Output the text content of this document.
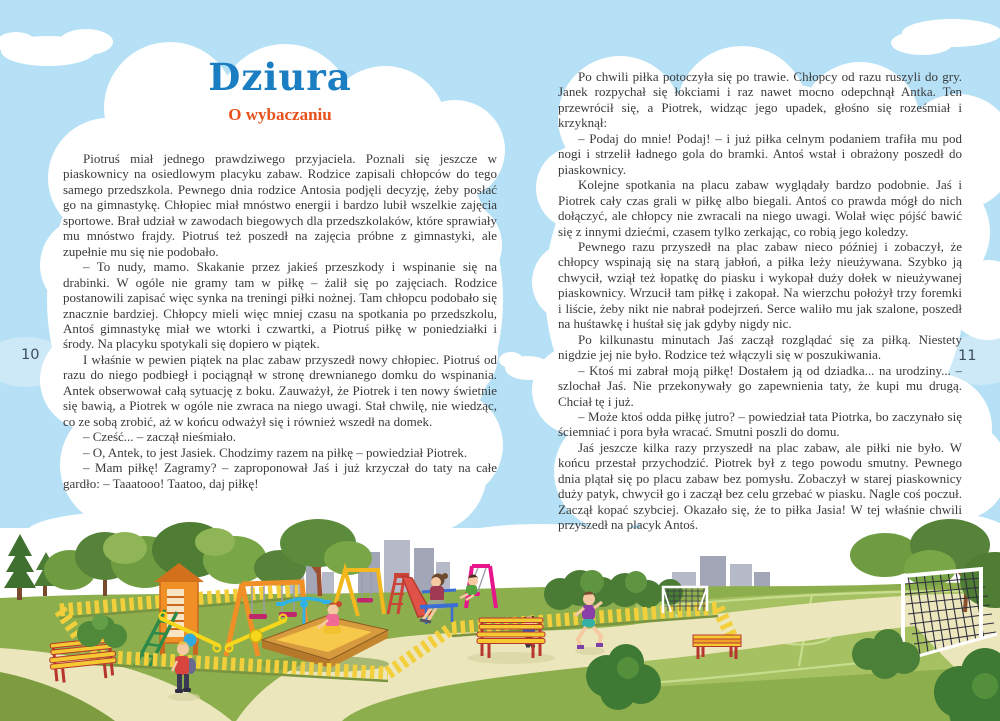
Dziura
O wybaczaniu

Piotruś miał jednego prawdziwego przyjaciela. Poznali się jeszcze w piaskownicy na osiedlowym placyku zabaw. Rodzice zapisali chłopców do tego samego przedszkola. Pewnego dnia rodzice Antosia podjęli decyzję, żeby posłać go na gimnastykę. Chłopiec miał mnóstwo energii i bardzo lubił wszelkie zajęcia sportowe. Brał udział w zawodach biegowych dla przedszkolaków, które sprawiały mu mnóstwo frajdy. Piotruś też poszedł na zajęcia próbne z gimnastyki, ale zupełnie mu się nie podobało.

– To nudy, mamo. Skakanie przez jakieś przeszkody i wspinanie się na drabinki. W ogóle nie gramy tam w piłkę – żalił się po zajęciach. Rodzice postanowili zapisać więc synka na treningi piłki nożnej. Tam chłopcu podobało się znacznie bardziej. Chłopcy mieli więc mniej czasu na spotkania po przedszkolu, Antoś gimnastykę miał we wtorki i czwartki, a Piotruś piłkę w poniedziałki i środy. Na placyku spotykali się dopiero w piątek.

I właśnie w pewien piątek na plac zabaw przyszedł nowy chłopiec. Piotruś od razu do niego podbiegł i pociągnął w stronę drewnianego domku do wspinania. Antek obserwował całą sytuację z boku. Zauważył, że Piotrek i ten nowy świetnie się bawią, a Piotrek w ogóle nie zwraca na niego uwagi. Stał chwilę, nie wiedząc, co ze sobą zrobić, aż w końcu odważył się i również wszedł na domek.

– Cześć... – zaczął nieśmiało.

– O, Antek, to jest Jasiek. Chodzimy razem na piłkę – powiedział Piotrek.

– Mam piłkę! Zagramy? – zaproponował Jaś i już krzyczał do taty na całe gardło: – Taaatooo! Taatoo, daj piłkę!

Po chwili piłka potoczyła się po trawie. Chłopcy od razu ruszyli do gry. Janek rozpychał się łokciami i raz nawet mocno odepchnął Antka. Ten przewrócił się, a Piotrek, widząc jego upadek, głośno się roześmiał i krzyknął:

– Podaj do mnie! Podaj! – i już piłka celnym podaniem trafiła mu pod nogi i strzelił ładnego gola do bramki. Antoś wstał i obrażony poszedł do piaskownicy.

Kolejne spotkania na placu zabaw wyglądały bardzo podobnie. Jaś i Piotrek cały czas grali w piłkę albo biegali. Antoś co prawda mógł do nich dołączyć, ale chłopcy nie zwracali na niego uwagi. Wolał więc pójść bawić się z innymi dziećmi, czasem tylko zerkając, co robią jego koledzy.

Pewnego razu przyszedł na plac zabaw nieco później i zobaczył, że chłopcy wspinają się na starą jabłoń, a piłka leży nieużywana. Szybko ją chwycił, wziął też łopatkę do piasku i wykopał duży dołek w nieużywanej piaskownicy. Wrzucił tam piłkę i zakopał. Na wierzchu położył trzy foremki i liście, żeby nikt nie nabrał podejrzeń. Serce waliło mu jak szalone, poszedł na huśtawkę i huśtał się jak gdyby nigdy nic.

Po kilkunastu minutach Jaś zaczął rozglądać się za piłką. Niestety nigdzie jej nie było. Rodzice też włączyli się w poszukiwania.

– Ktoś mi zabrał moją piłkę! Dostałem ją od dziadka... na urodziny... – szlochał Jaś. Nie przekonywały go zapewnienia taty, że kupi mu drugą. Chciał tę i już.

– Może ktoś odda piłkę jutro? – powiedział tata Piotrka, bo zaczynało się ściemniać i pora była wracać. Smutni poszli do domu.

Jaś jeszcze kilka razy przyszedł na plac zabaw, ale piłki nie było. W końcu przestał przychodzić. Piotrek był z tego powodu smutny. Pewnego dnia plątał się po placu zabaw bez pomysłu. Zobaczył w starej piaskownicy duży patyk, chwycił go i zaczął bez celu grzebać w piasku. Nagle coś poczuł. Zaczął kopać szybciej. Okazało się, że to piłka Jasia! W tej właśnie chwili przyszedł na placyk Antoś.

10	11
